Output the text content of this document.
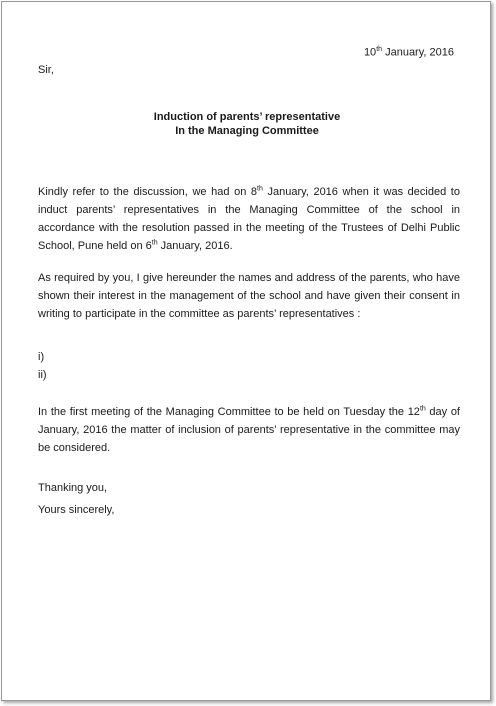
10th January, 2016
Sir,
Induction of parents’ representative
In the Managing Committee
Kindly refer to the discussion, we had on 8th January, 2016 when it was decided to induct parents’ representatives in the Managing Committee of the school in accordance with the resolution passed in the meeting of the Trustees of Delhi Public School, Pune held on 6th January, 2016.
As required by you, I give hereunder the names and address of the parents, who have shown their interest in the management of the school and have given their consent in writing to participate in the committee as parents’ representatives :
i)
ii)
In the first meeting of the Managing Committee to be held on Tuesday the 12th day of January, 2016 the matter of inclusion of parents’ representative in the committee may be considered.
Thanking you,
Yours sincerely,
